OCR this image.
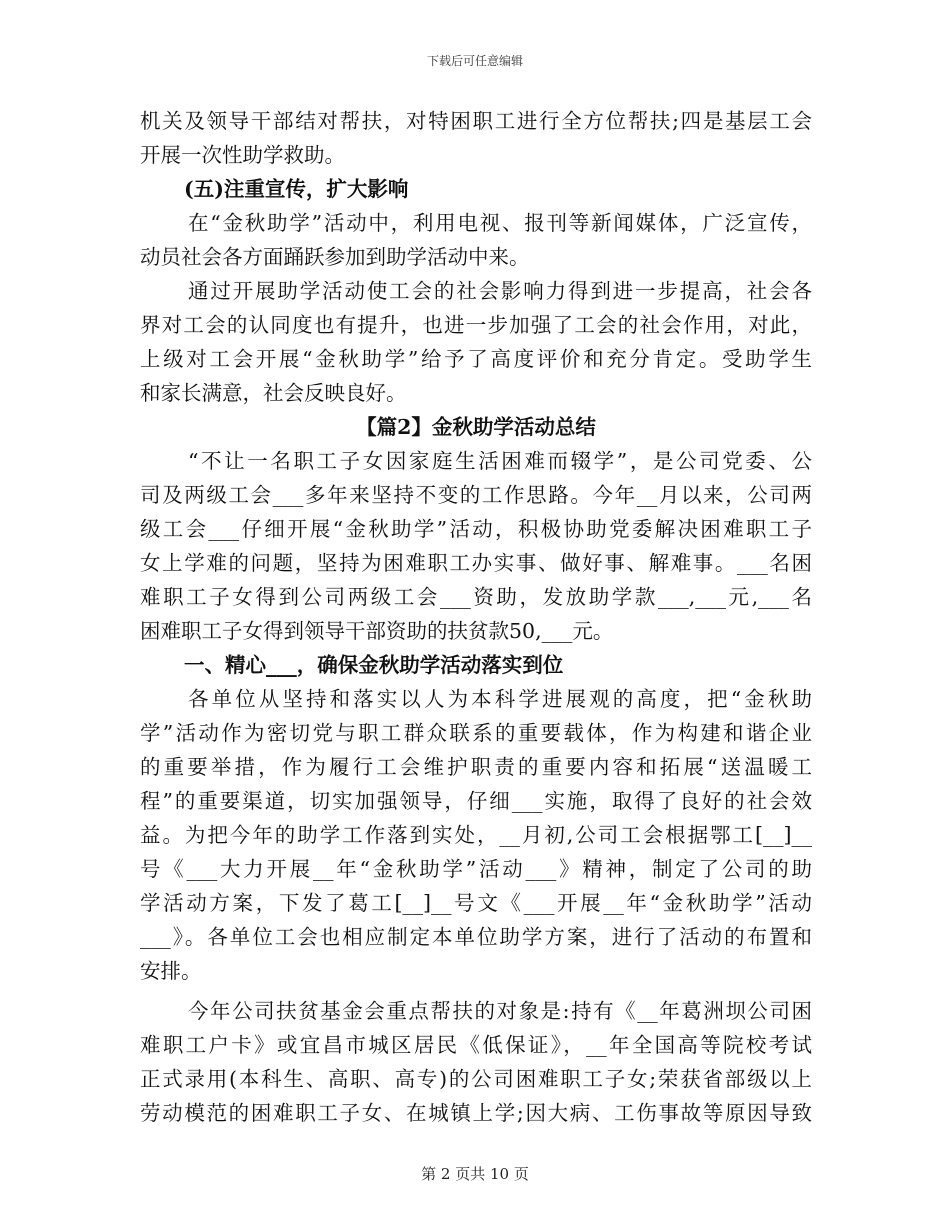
下载后可任意编辑
机关及领导干部结对帮扶，对特困职工进行全方位帮扶;四是基层工会
开展一次性助学救助。
(五)注重宣传，扩大影响
在“金秋助学”活动中，利用电视、报刊等新闻媒体，广泛宣传，
动员社会各方面踊跃参加到助学活动中来。
通过开展助学活动使工会的社会影响力得到进一步提高，社会各
界对工会的认同度也有提升，也进一步加强了工会的社会作用，对此，
上级对工会开展“金秋助学”给予了高度评价和充分肯定。受助学生
和家长满意，社会反映良好。
【篇2】金秋助学活动总结
“不让一名职工子女因家庭生活困难而辍学”，是公司党委、公
司及两级工会___多年来坚持不变的工作思路。今年__月以来，公司两
级工会___仔细开展“金秋助学”活动，积极协助党委解决困难职工子
女上学难的问题，坚持为困难职工办实事、做好事、解难事。___名困
难职工子女得到公司两级工会___资助，发放助学款___,___元,___名
困难职工子女得到领导干部资助的扶贫款50,___元。
一、精心___，确保金秋助学活动落实到位
各单位从坚持和落实以人为本科学进展观的高度，把“金秋助
学”活动作为密切党与职工群众联系的重要载体，作为构建和谐企业
的重要举措，作为履行工会维护职责的重要内容和拓展“送温暖工
程”的重要渠道，切实加强领导，仔细___实施，取得了良好的社会效
益。为把今年的助学工作落到实处，__月初,公司工会根据鄂工[__]__
号《___大力开展__年“金秋助学”活动___》精神，制定了公司的助
学活动方案，下发了葛工[__]__号文《___开展__年“金秋助学”活动
___》。各单位工会也相应制定本单位助学方案，进行了活动的布置和
安排。
今年公司扶贫基金会重点帮扶的对象是:持有《__年葛洲坝公司困
难职工户卡》或宜昌市城区居民《低保证》，__年全国高等院校考试
正式录用(本科生、高职、高专)的公司困难职工子女;荣获省部级以上
劳动模范的困难职工子女、在城镇上学;因大病、工伤事故等原因导致
第 2 页共 10 页
